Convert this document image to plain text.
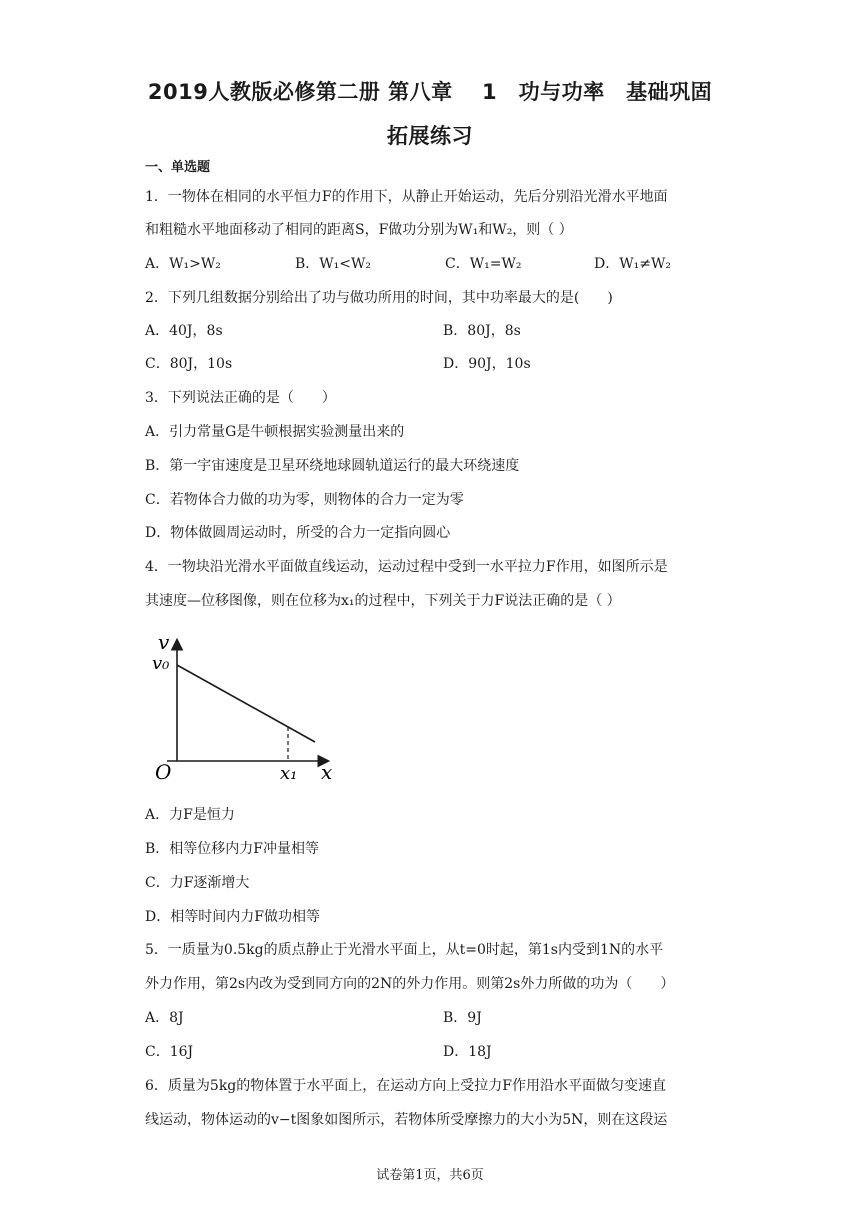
2019人教版必修第二册 第八章　 1　功与功率　基础巩固
拓展练习
一、单选题
1．一物体在相同的水平恒力F的作用下，从静止开始运动，先后分别沿光滑水平地面
和粗糙水平地面移动了相同的距离S，F做功分别为W₁和W₂，则（ ）
A．W₁>W₂	B．W₁<W₂	C．W₁=W₂	D．W₁≠W₂
2．下列几组数据分别给出了功与做功所用的时间，其中功率最大的是(　　)
A．40J，8s	B．80J，8s
C．80J，10s	D．90J，10s
3．下列说法正确的是（　　）
A．引力常量G是牛顿根据实验测量出来的
B．第一宇宙速度是卫星环绕地球圆轨道运行的最大环绕速度
C．若物体合力做的功为零，则物体的合力一定为零
D．物体做圆周运动时，所受的合力一定指向圆心
4．一物块沿光滑水平面做直线运动，运动过程中受到一水平拉力F作用，如图所示是
其速度—位移图像，则在位移为x₁的过程中，下列关于力F说法正确的是（ ）
v
v₀
O	x
x₁
A．力F是恒力
B．相等位移内力F冲量相等
C．力F逐渐增大
D．相等时间内力F做功相等
5．一质量为0.5kg的质点静止于光滑水平面上，从t=0时起，第1s内受到1N的水平
外力作用，第2s内改为受到同方向的2N的外力作用。则第2s外力所做的功为（　　）
A．8J	B．9J
C．16J	D．18J
6．质量为5kg的物体置于水平面上，在运动方向上受拉力F作用沿水平面做匀变速直
线运动，物体运动的v−t图象如图所示，若物体所受摩擦力的大小为5N，则在这段运
试卷第1页，共6页
